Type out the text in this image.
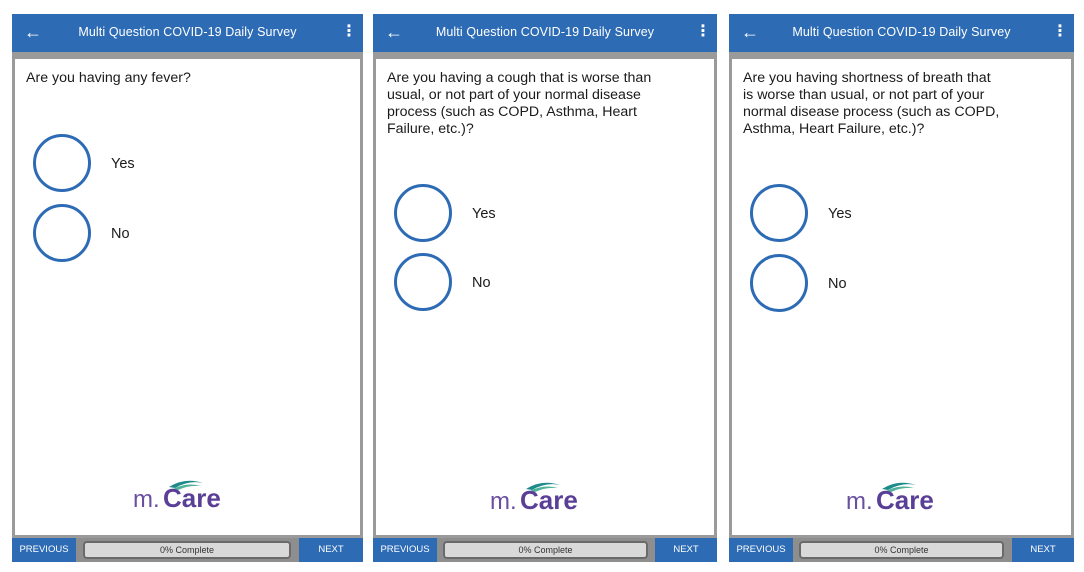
←	Multi Question COVID-19 Daily Survey	⋮
Are you having any fever?
Yes
No
m. Care
PREVIOUS	0% Complete	NEXT
←	Multi Question COVID-19 Daily Survey	⋮
Are you having a cough that is worse than
usual, or not part of your normal disease
process (such as COPD, Asthma, Heart
Failure, etc.)?
Yes
No
m. Care
PREVIOUS	0% Complete	NEXT
←	Multi Question COVID-19 Daily Survey	⋮
Are you having shortness of breath that
is worse than usual, or not part of your
normal disease process (such as COPD,
Asthma, Heart Failure, etc.)?
Yes
No
m. Care
PREVIOUS	0% Complete	NEXT
